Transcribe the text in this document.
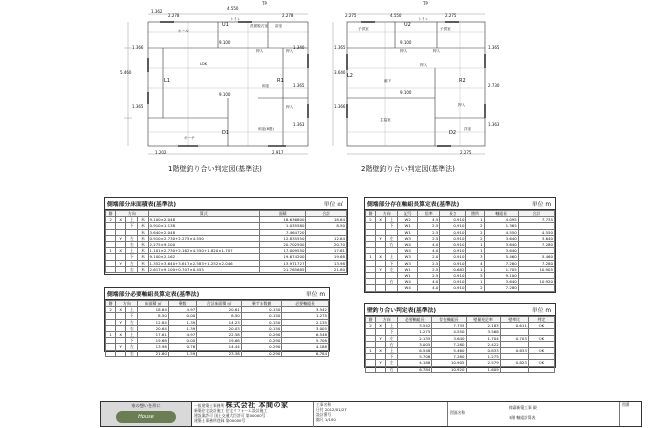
1.362
2.278
4.550
2.278
TP
1.366
5.460
1.365
9.100
9.100
1.340
1.365
1.363
1.202	2.917
ホール
トイレ
洗面脱衣室 浴室
押入	押入
LDK
和室
押入
ポーチ
和室(8畳)
U1
R1
L1
D1
1階壁釣り合い判定図(基準法)
2.275	4.550	2.275
TP
1.365
3.640
1.366
9.100
9.100
1.365
2.730
1.363
2.275
子供室	子供室
トイレ
押入	押入
押入
廊下
主寝室
押入
洋室
U2
R2
L2
D2
2階壁釣り合い判定図(基準法)
側端部分床面積表(基準法)	単位 ㎡
階	方向			算式	面積	合計
2	X	上	米	9.100×2.048	18.636800	18.64
		下	米	0.910×1.138	1.035580	8.50
			米	3.640×2.048	7.464720	
	Y	左	米	0.910×2.730+2.275×4.550	12.835550	12.84
		右	米	2.275×9.100	20.702500	20.70
1	X	上	米	1.101×2.730+2.162×4.550+1.820×1.707	17.009550	17.61
		下	米	9.100×2.162	19.674200	19.68
	Y	左	米	1.352×3.640+3.617×2.583+1.252×2.046	13.971727	13.98
		右	米	2.617×9.100+0.707×0.455	21.765685	21.80
側端部分存在軸組長算定表(基準法)	単位 m
階	方向		記号	倍率	長さ	箇所	軸組長	合計
2	X	上	W2	4.5	0.910	1	4.095	7.735
		下	W1	2.5	0.910	2	1.365	
			W1	2.5	0.910	2	4.550	4.550
	Y	左	W3	2.5	0.910	2	3.640	3.640
		右	W4	4.0	0.910	1	3.640	7.280
			W4	4.0	0.910	1	3.640	
1	X	上	W3	2.0	0.910	3	5.460	5.460
		下	W3	2.5	0.910	4	7.280	7.280
	Y	左	W1	2.5	0.682	1	1.705	10.905
			W1	2.5	0.910	5	9.100	
		右	W4	4.0	0.910	1	3.640	10.920
			W4	4.0	0.910	2	7.280	
側端部分必要軸組長算定表(基準法)	単位 m
階	方向		床面積 ㎡	乗数	合計床面積 ㎡	乗ずる数値	必要軸組長
2	X	上	18.64	4.97	20.61	0.150	3.542
		下	8.50	0.00	8.50	0.150	1.275
	Y	左	12.84	1.39	14.23	0.150	2.135
		右	20.64	1.39	20.03	0.150	3.005
1	X	上	17.61	4.97	22.58	0.290	6.548
		下	19.68	0.00	19.68	0.290	5.708
	Y	左	13.98	0.76	14.44	0.290	4.188
		右	21.80	1.59	23.38	0.290	6.784
壁釣り合い判定表(基準法)	単位 m
階	方向		必要軸組長	存在軸組長	壁量充足率	壁率比	判定
2	X	上	3.542	7.735	2.183	0.611	OK
		下	1.275	4.550	3.568		
	Y	左	2.135	3.640	1.704	0.703	OK
		右	3.005	7.280	2.422		
1	X	上	6.548	5.460	0.833	0.633	OK
		下	5.708	7.280	1.275		
	Y	左	4.188	10.905	2.579	0.823	OK
		右	6.784	10.920	1.609		
家の想いを形に
House
一級建築士事務所 株式会社 本間の家
新築住宅設計施工 住宅リフォーム設計施工
建設業許可 国土交通大臣許可 第00000号
建築士事務所登録 第00000号
工事名称
日付 2012/01/27
設計番号
縮尺 1/100
様邸新築工事 殿
図面名称
3階 軸組計算表
図番
